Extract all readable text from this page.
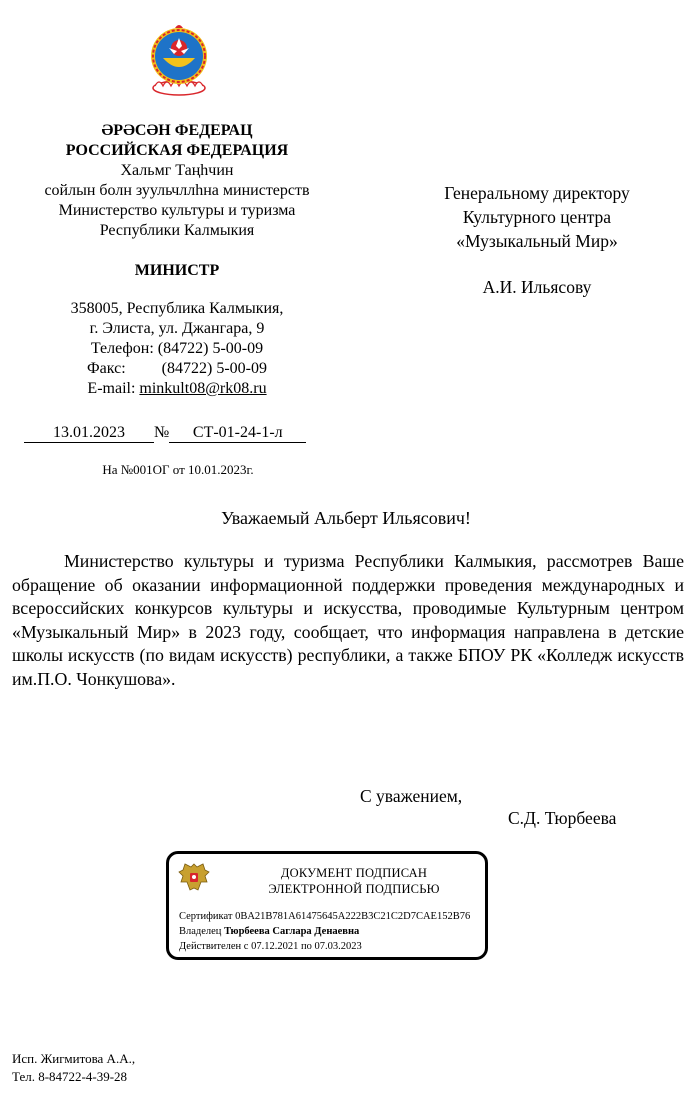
ӘРӘСӘН ФЕДЕРАЦ
РОССИЙСКАЯ ФЕДЕРАЦИЯ
Хальмг Таңһчин
сойлын болн зуульчллһна министерств
Министерство культуры и туризма
Республики Калмыкия
МИНИСТР
358005, Республика Калмыкия,
г. Элиста, ул. Джангара, 9
Телефон: (84722) 5-00-09
Факс: (84722) 5-00-09
E-mail: minkult08@rk08.ru
13.01.2023 № СТ-01-24-1-л
На №001ОГ от 10.01.2023г.
Генеральному директору
Культурного центра
«Музыкальный Мир»
А.И. Ильясову
Уважаемый Альберт Ильясович!

Министерство культуры и туризма Республики Калмыкия, рассмотрев Ваше обращение об оказании информационной поддержки проведения международных и всероссийских конкурсов культуры и искусства, проводимые Культурным центром «Музыкальный Мир» в 2023 году, сообщает, что информация направлена в детские школы искусств (по видам искусств) республики, а также БПОУ РК «Колледж искусств им.П.О. Чонкушова».

С уважением,
С.Д. Тюрбеева
ДОКУМЕНТ ПОДПИСАН
ЭЛЕКТРОННОЙ ПОДПИСЬЮ
Сертификат 0BA21B781A61475645A222B3C21C2D7CAE152B76
Владелец Тюрбеева Саглара Денаевна
Действителен с 07.12.2021 по 07.03.2023
Исп. Жигмитова А.А.,
Тел. 8-84722-4-39-28
